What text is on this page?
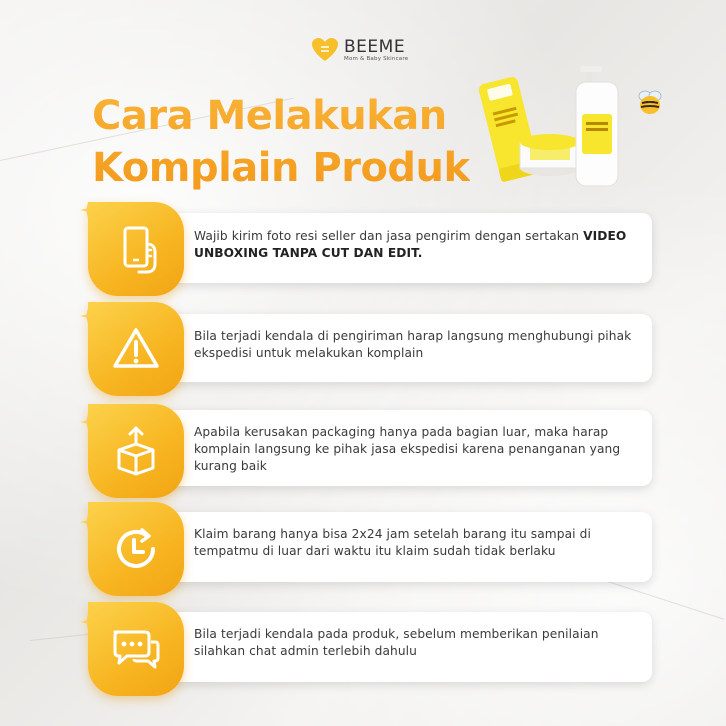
BEEME
Mom & Baby Skincare
Cara Melakukan
Komplain Produk
Wajib kirim foto resi seller dan jasa pengirim dengan sertakan VIDEO UNBOXING TANPA CUT DAN EDIT.
Bila terjadi kendala di pengiriman harap langsung menghubungi pihak ekspedisi untuk melakukan komplain
Apabila kerusakan packaging hanya pada bagian luar, maka harap komplain langsung ke pihak jasa ekspedisi karena penanganan yang kurang baik
Klaim barang hanya bisa 2x24 jam setelah barang itu sampai di tempatmu di luar dari waktu itu klaim sudah tidak berlaku
Bila terjadi kendala pada produk, sebelum memberikan penilaian silahkan chat admin terlebih dahulu
